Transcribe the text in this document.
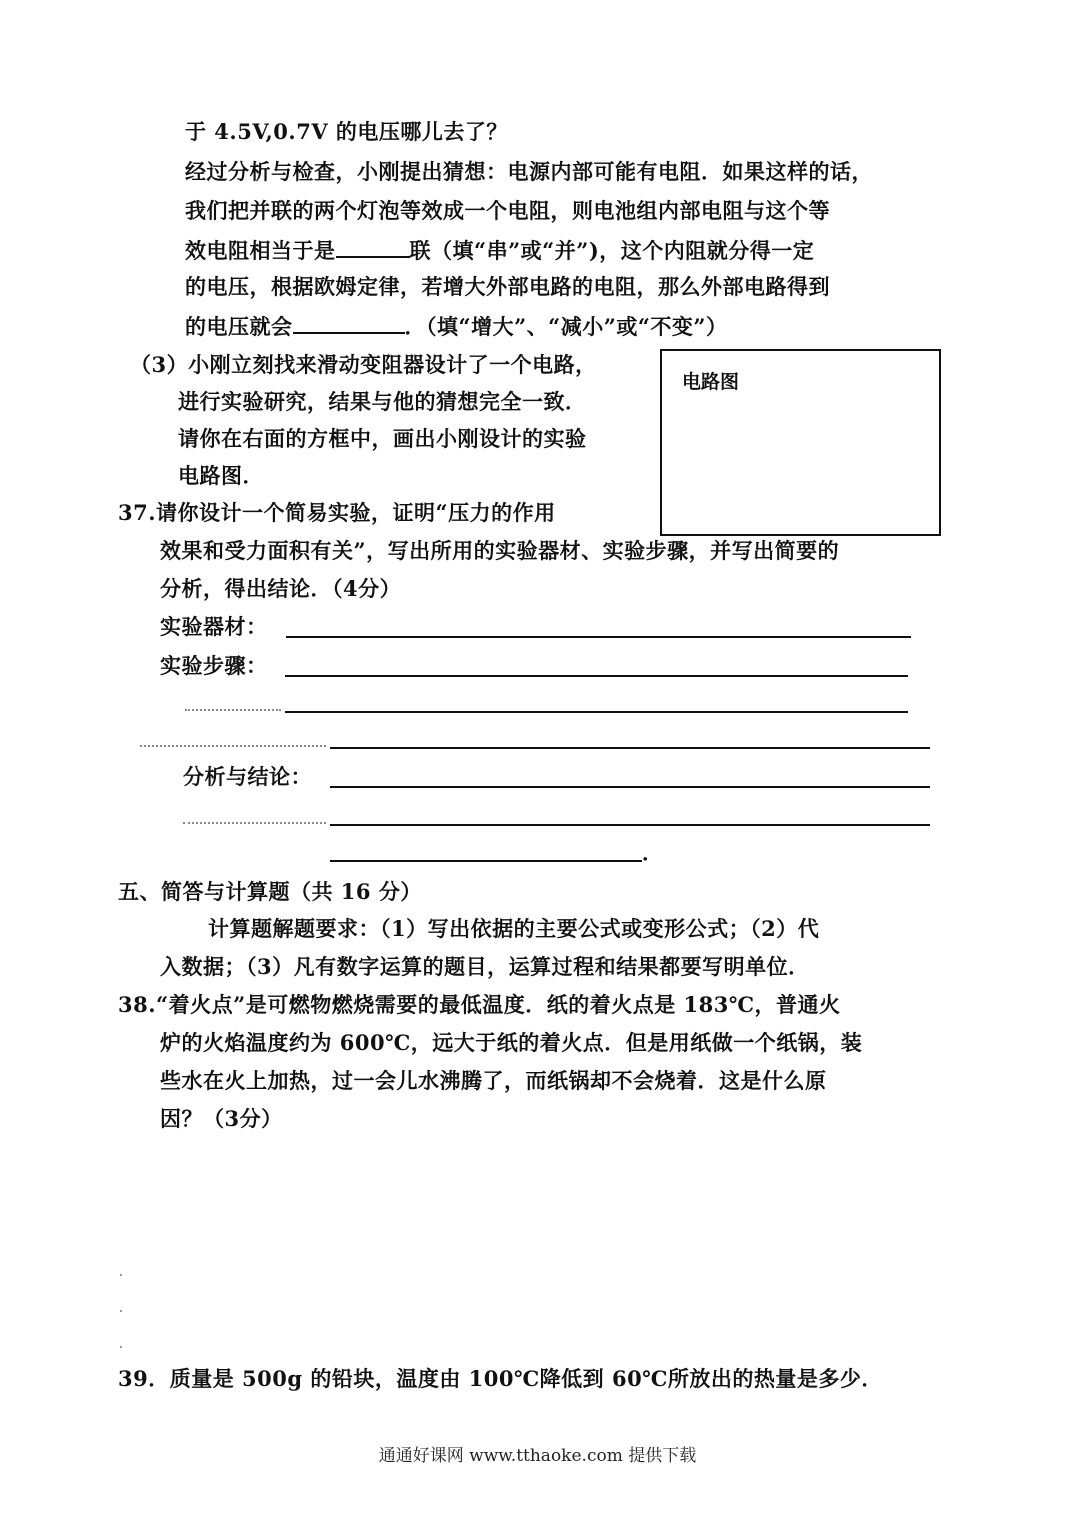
于 4.5V,0.7V 的电压哪儿去了？
经过分析与检查，小刚提出猜想：电源内部可能有电阻．如果这样的话，
我们把并联的两个灯泡等效成一个电阻，则电池组内部电阻与这个等
效电阻相当于是	联（填“串”或“并”)，这个内阻就分得一定
的电压，根据欧姆定律，若增大外部电路的电阻，那么外部电路得到
的电压就会	．（填“增大”、“减小”或“不变”）
（3）小刚立刻找来滑动变阻器设计了一个电路，
进行实验研究，结果与他的猜想完全一致．
请你在右面的方框中，画出小刚设计的实验
电路图．
电路图
37.请你设计一个简易实验，证明“压力的作用
效果和受力面积有关”，写出所用的实验器材、实验步骤，并写出简要的
分析，得出结论．（4分）
实验器材：
实验步骤：
分析与结论：
．
五、简答与计算题（共 16 分）
计算题解题要求：（1）写出依据的主要公式或变形公式；（2）代
入数据；（3）凡有数字运算的题目，运算过程和结果都要写明单位．
38.“着火点”是可燃物燃烧需要的最低温度．纸的着火点是 183℃，普通火
炉的火焰温度约为 600℃，远大于纸的着火点．但是用纸做一个纸锅，装
些水在火上加热，过一会儿水沸腾了，而纸锅却不会烧着．这是什么原
因？（3分）
39．质量是 500g 的铅块，温度由 100℃降低到 60℃所放出的热量是多少．
通通好课网 www.tthaoke.com 提供下载
